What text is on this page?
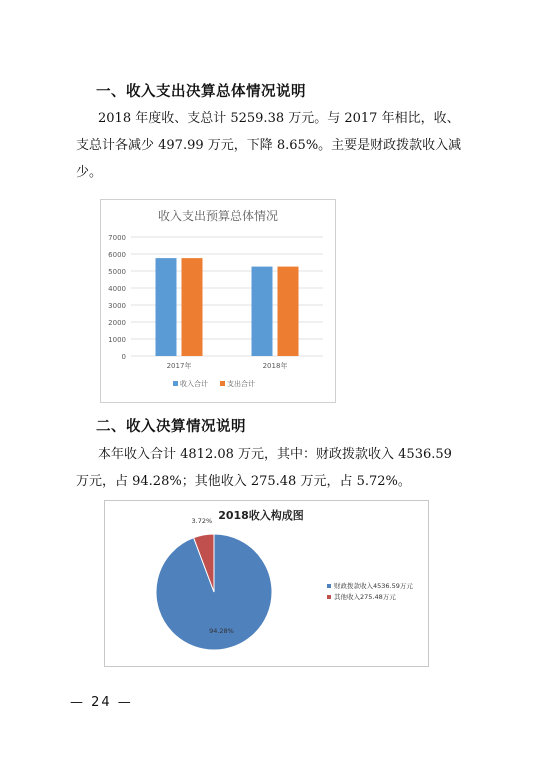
一、收入支出决算总体情况说明
2018 年度收、支总计 5259.38 万元。与 2017 年相比，收、
支总计各减少 497.99 万元，下降 8.65%。主要是财政拨款收入减
少。
收入支出预算总体情况
0
1000
2000
3000
4000
5000
6000
7000
2017年	2018年
收入合计	支出合计
二、收入决算情况说明
本年收入合计 4812.08 万元，其中：财政拨款收入 4536.59
万元，占 94.28%；其他收入 275.48 万元，占 5.72%。
2018收入构成图
94.28%
3.72%
财政拨款收入4536.59万元
其他收入275.48万元
— 24 —
